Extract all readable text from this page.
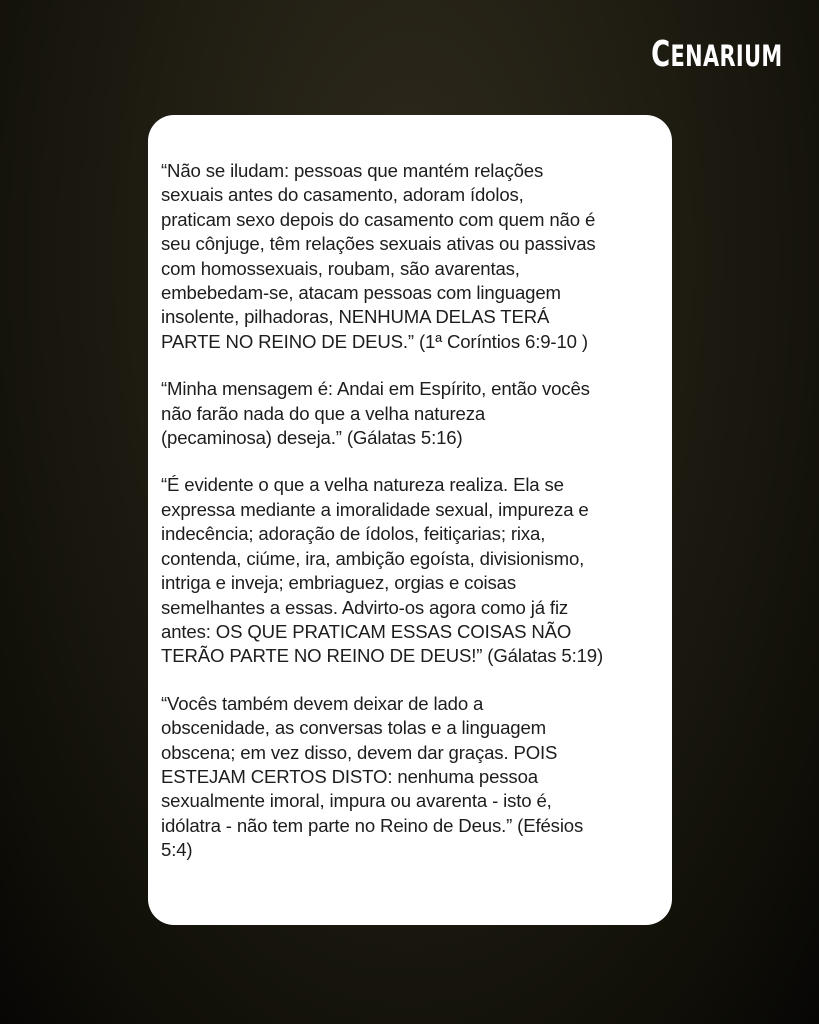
CENARIUM

“Não se iludam: pessoas que mantém relações
sexuais antes do casamento, adoram ídolos,
praticam sexo depois do casamento com quem não é
seu cônjuge, têm relações sexuais ativas ou passivas
com homossexuais, roubam, são avarentas,
embebedam-se, atacam pessoas com linguagem
insolente, pilhadoras, NENHUMA DELAS TERÁ
PARTE NO REINO DE DEUS.” (1ª Coríntios 6:9-10 )

“Minha mensagem é: Andai em Espírito, então vocês
não farão nada do que a velha natureza
(pecaminosa) deseja.” (Gálatas 5:16)

“É evidente o que a velha natureza realiza. Ela se
expressa mediante a imoralidade sexual, impureza e
indecência; adoração de ídolos, feitiçarias; rixa,
contenda, ciúme, ira, ambição egoísta, divisionismo,
intriga e inveja; embriaguez, orgias e coisas
semelhantes a essas. Advirto-os agora como já fiz
antes: OS QUE PRATICAM ESSAS COISAS NÃO
TERÃO PARTE NO REINO DE DEUS!” (Gálatas 5:19)

“Vocês também devem deixar de lado a
obscenidade, as conversas tolas e a linguagem
obscena; em vez disso, devem dar graças. POIS
ESTEJAM CERTOS DISTO: nenhuma pessoa
sexualmente imoral, impura ou avarenta - isto é,
idólatra - não tem parte no Reino de Deus.” (Efésios
5:4)
